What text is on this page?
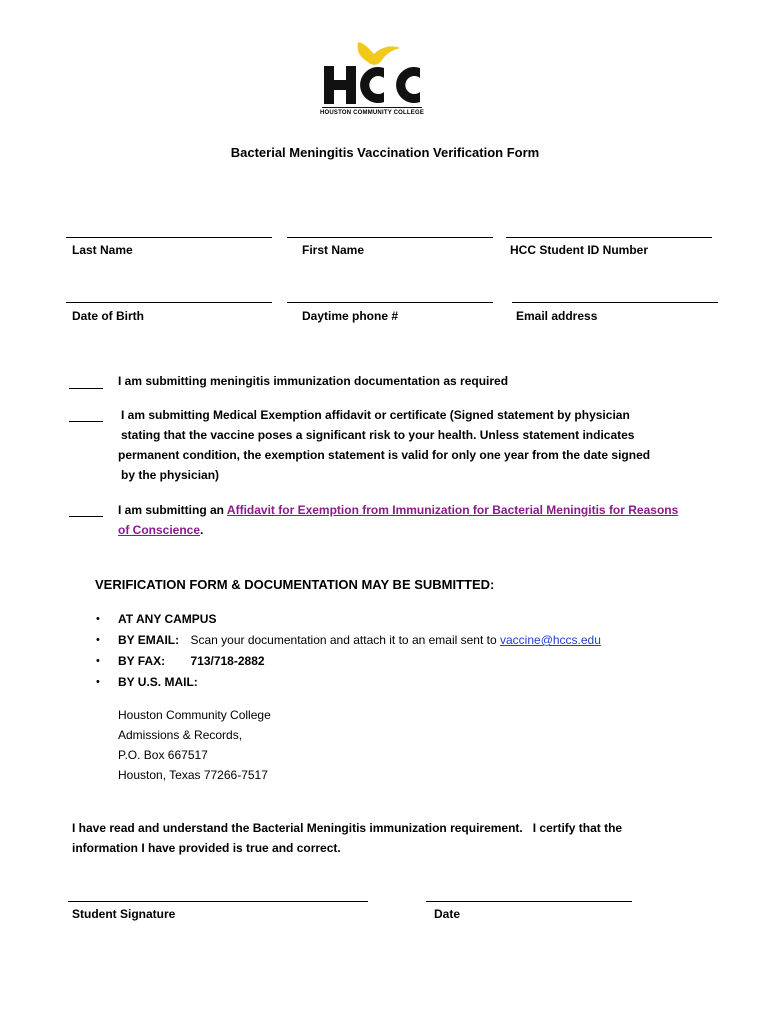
HOUSTON COMMUNITY COLLEGE
Bacterial Meningitis Vaccination Verification Form
Last Name	First Name	HCC Student ID Number
Date of Birth	Daytime phone #	Email address
I am submitting meningitis immunization documentation as required
I am submitting Medical Exemption affidavit or certificate (Signed statement by physician
stating that the vaccine poses a significant risk to your health. Unless statement indicates
permanent condition, the exemption statement is valid for only one year from the date signed
by the physician)
I am submitting an Affidavit for Exemption from Immunization for Bacterial Meningitis for Reasons
of Conscience.
VERIFICATION FORM & DOCUMENTATION MAY BE SUBMITTED:
• AT ANY CAMPUS
• BY EMAIL: Scan your documentation and attach it to an email sent to vaccine@hccs.edu
• BY FAX: 713/718-2882
• BY U.S. MAIL:
Houston Community College
Admissions & Records,
P.O. Box 667517
Houston, Texas 77266-7517
I have read and understand the Bacterial Meningitis immunization requirement.   I certify that the
information I have provided is true and correct.
Student Signature	Date
